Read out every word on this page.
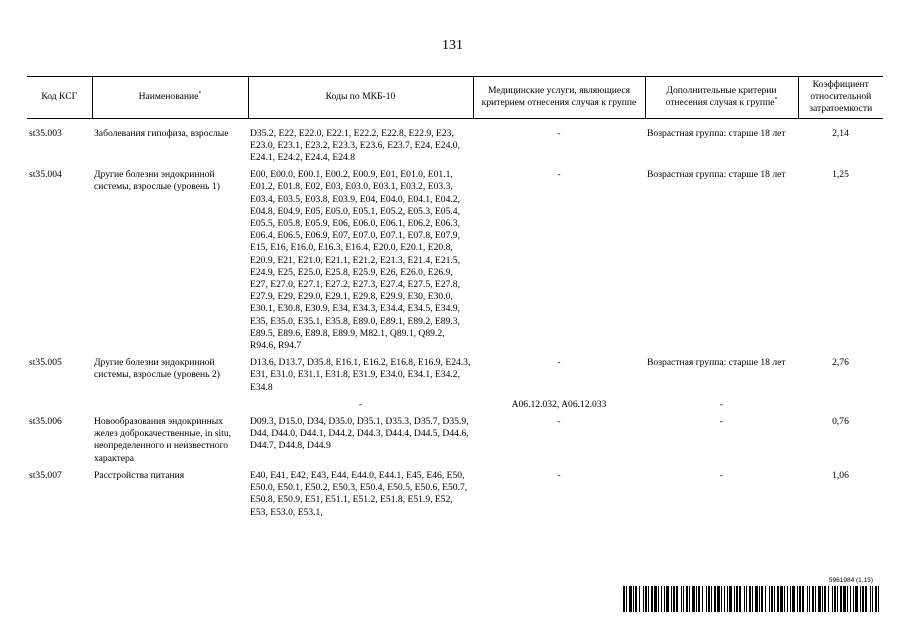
131
Код КСГ	Наименование*	Коды по МКБ-10	Медицинские услуги, являющиеся критерием отнесения случая к группе	Дополнительные критерии отнесения случая к группе*	Коэффициент относительной затратоемкости

st35.003	Заболевания гипофиза, взрослые	D35.2, E22, E22.0, E22.1, E22.2, E22.8, E22.9, E23, E23.0, E23.1, E23.2, E23.3, E23.6, E23.7, E24, E24.0, E24.1, E24.2, E24.4, E24.8	-	Возрастная группа: старше 18 лет	2,14

st35.004	Другие болезни эндокринной системы, взрослые (уровень 1)	E00, E00.0, E00.1, E00.2, E00.9, E01, E01.0, E01.1, E01.2, E01.8, E02, E03, E03.0, E03.1, E03.2, E03.3, E03.4, E03.5, E03.8, E03.9, E04, E04.0, E04.1, E04.2, E04.8, E04.9, E05, E05.0, E05.1, E05.2, E05.3, E05.4, E05.5, E05.8, E05.9, E06, E06.0, E06.1, E06.2, E06.3, E06.4, E06.5, E06.9, E07, E07.0, E07.1, E07.8, E07.9, E15, E16, E16.0, E16.3, E16.4, E20.0, E20.1, E20.8, E20.9, E21, E21.0, E21.1, E21.2, E21.3, E21.4, E21.5, E24.9, E25, E25.0, E25.8, E25.9, E26, E26.0, E26.9, E27, E27.0, E27.1, E27.2, E27.3, E27.4, E27.5, E27.8, E27.9, E29, E29.0, E29.1, E29.8, E29.9, E30, E30.0, E30.1, E30.8, E30.9, E34, E34.3, E34.4, E34.5, E34.9, E35, E35.0, E35.1, E35.8, E89.0, E89.1, E89.2, E89.3, E89.5, E89.6, E89.8, E89.9, M82.1, Q89.1, Q89.2, R94.6, R94.7	-	Возрастная группа: старше 18 лет	1,25

st35.005	Другие болезни эндокринной системы, взрослые (уровень 2)	D13.6, D13.7, D35.8, E16.1, E16.2, E16.8, E16.9, E24.3, E31, E31.0, E31.1, E31.8, E31.9, E34.0, E34.1, E34.2, E34.8	-	Возрастная группа: старше 18 лет	2,76

		-	A06.12.032, A06.12.033	-	

st35.006	Новообразования эндокринных желез доброкачественные, in situ, неопределенного и неизвестного характера	D09.3, D15.0, D34, D35.0, D35.1, D35.3, D35.7, D35.9, D44, D44.0, D44.1, D44.2, D44.3, D44.4, D44.5, D44.6, D44.7, D44.8, D44.9	-	-	0,76

st35.007	Расстройства питания	E40, E41, E42, E43, E44, E44.0, E44.1, E45, E46, E50, E50.0, E50.1, E50.2, E50.3, E50.4, E50.5, E50.6, E50.7, E50.8, E50.9, E51, E51.1, E51.2, E51.8, E51.9, E52, E53, E53.0, E53.1,	-	-	1,06
5961984 (1.15)
